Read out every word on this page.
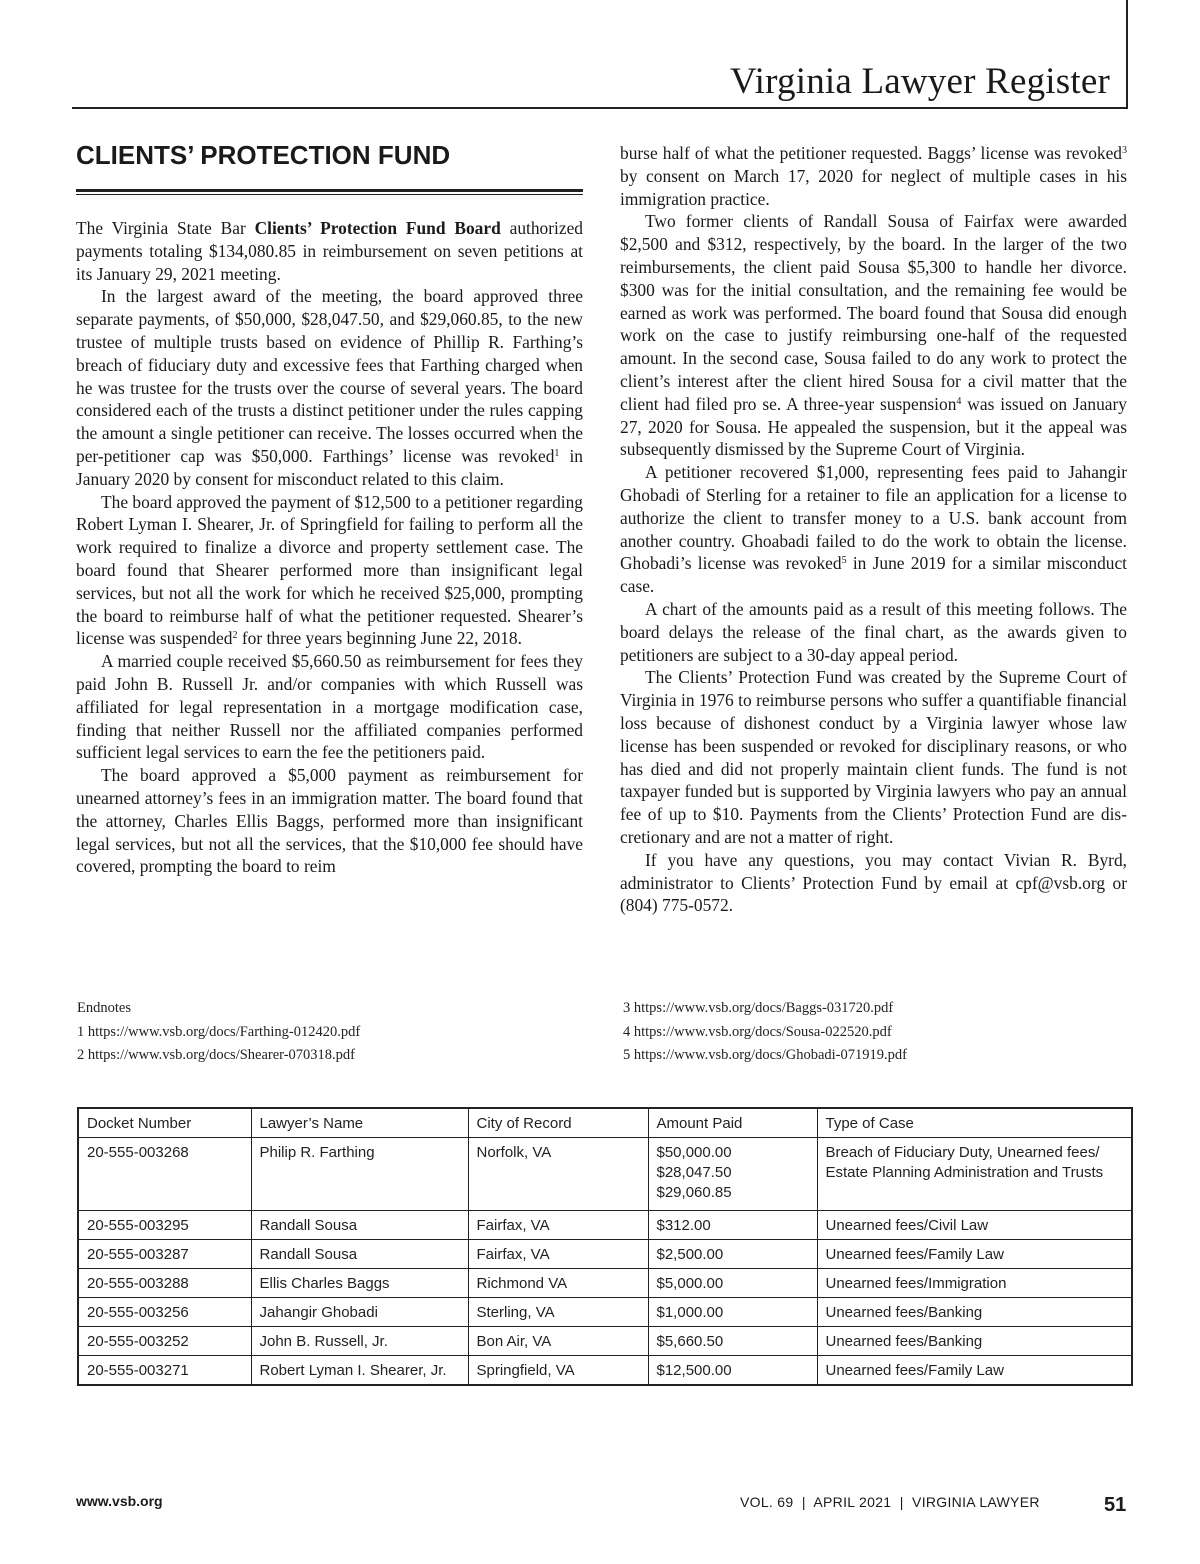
Virginia Lawyer Register
CLIENTS’ PROTECTION FUND

The Virginia State Bar Clients’ Protection Fund Board authorized payments totaling $134,080.85 in reimbursement on seven petitions at its January 29, 2021 meeting.

In the largest award of the meeting, the board approved three separate payments, of $50,000, $28,047.50, and $29,060.85, to the new trustee of multiple trusts based on evidence of Phillip R. Farthing’s breach of fiduciary duty and excessive fees that Farthing charged when he was trustee for the trusts over the course of several years. The board considered each of the trusts a distinct petitioner under the rules capping the amount a single petitioner can receive. The losses occurred when the per-petitioner cap was $50,000. Farthings’ license was revoked$^1$ in January 2020 by consent for misconduct related to this claim.

The board approved the payment of $12,500 to a petitioner regarding Robert Lyman I. Shearer, Jr. of Springfield for failing to perform all the work required to finalize a divorce and property settlement case. The board found that Shearer performed more than insignificant legal services, but not all the work for which he received $25,000, prompting the board to reimburse half of what the petitioner requested. Shearer’s license was suspended$^2$ for three years beginning June 22, 2018.

A married couple received $5,660.50 as reimbursement for fees they paid John B. Russell Jr. and/or companies with which Russell was affiliated for legal representation in a mortgage modification case, finding that neither Russell nor the affiliated companies performed sufficient legal services to earn the fee the petitioners paid.

The board approved a $5,000 payment as reimbursement for unearned attorney’s fees in an immigration matter. The board found that the attorney, Charles Ellis Baggs, performed more than insignificant legal services, but not all the services, that the $10,000 fee should have covered, prompting the board to reim

burse half of what the petitioner requested. Baggs’ license was revoked$^3$ by consent on March 17, 2020 for neglect of multiple cases in his immigration practice.

Two former clients of Randall Sousa of Fairfax were awarded $2,500 and $312, respectively, by the board. In the larger of the two reimbursements, the client paid Sousa $5,300 to handle her divorce. $300 was for the initial consultation, and the remaining fee would be earned as work was performed. The board found that Sousa did enough work on the case to justify reimbursing one-half of the requested amount. In the second case, Sousa failed to do any work to protect the client’s interest after the client hired Sousa for a civil matter that the client had filed pro se. A three-year suspension$^4$ was issued on January 27, 2020 for Sousa. He appealed the suspension, but it the appeal was subsequently dismissed by the Supreme Court of Virginia.

A petitioner recovered $1,000, representing fees paid to Jahangir Ghobadi of Sterling for a retainer to file an application for a license to authorize the client to transfer money to a U.S. bank account from another country. Ghoabadi failed to do the work to obtain the license. Ghobadi’s license was revoked$^5$ in June 2019 for a similar misconduct case.

A chart of the amounts paid as a result of this meeting follows. The board delays the release of the final chart, as the awards given to petitioners are subject to a 30-day appeal period.

The Clients’ Protection Fund was created by the Supreme Court of Virginia in 1976 to reimburse persons who suffer a quantifiable financial loss because of dishonest conduct by a Virginia lawyer whose law license has been suspended or revoked for disciplinary reasons, or who has died and did not properly maintain client funds. The fund is not taxpayer funded but is supported by Virginia lawyers who pay an annual fee of up to $10. Payments from the Clients’ Protection Fund are discretionary and are not a matter of right.

If you have any questions, you may contact Vivian R. Byrd, administrator to Clients’ Protection Fund by email at cpf@vsb.org or (804) 775-0572.

Endnotes
1 https://www.vsb.org/docs/Farthing-012420.pdf
2 https://www.vsb.org/docs/Shearer-070318.pdf
3 https://www.vsb.org/docs/Baggs-031720.pdf
4 https://www.vsb.org/docs/Sousa-022520.pdf
5 https://www.vsb.org/docs/Ghobadi-071919.pdf
Docket Number	Lawyer’s Name	City of Record	Amount Paid	Type of Case
20-555-003268	Philip R. Farthing	Norfolk, VA	$50,000.00
$28,047.50
$29,060.85	Breach of Fiduciary Duty, Unearned fees/
Estate Planning Administration and Trusts
20-555-003295	Randall Sousa	Fairfax, VA	$312.00	Unearned fees/Civil Law
20-555-003287	Randall Sousa	Fairfax, VA	$2,500.00	Unearned fees/Family Law
20-555-003288	Ellis Charles Baggs	Richmond VA	$5,000.00	Unearned fees/Immigration
20-555-003256	Jahangir Ghobadi	Sterling, VA	$1,000.00	Unearned fees/Banking
20-555-003252	John B. Russell, Jr.	Bon Air, VA	$5,660.50	Unearned fees/Banking
20-555-003271	Robert Lyman I. Shearer, Jr.	Springfield, VA	$12,500.00	Unearned fees/Family Law
www.vsb.org	VOL. 69  |  APRIL 2021  |  VIRGINIA LAWYER	51
